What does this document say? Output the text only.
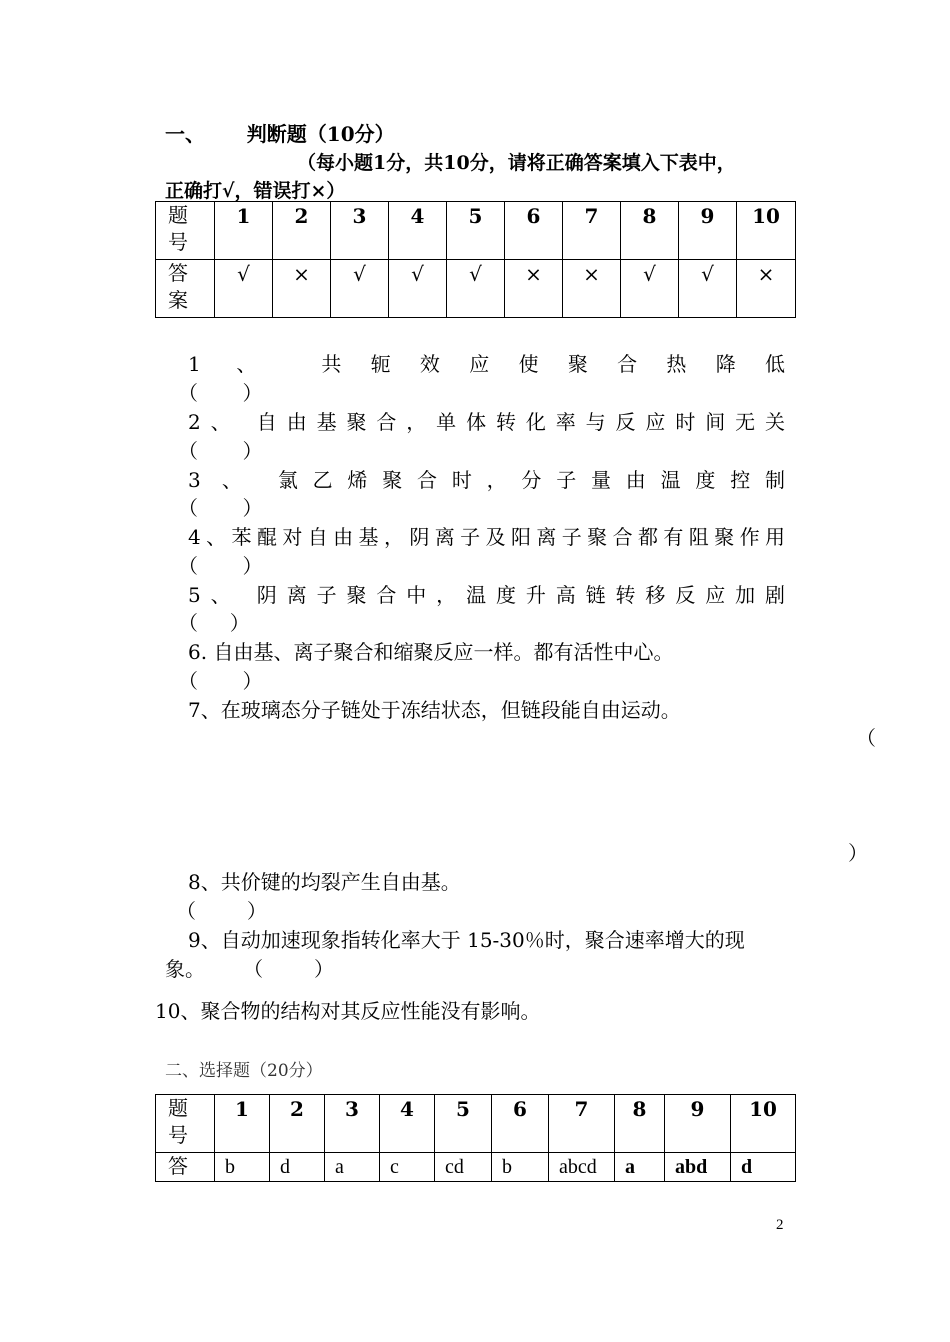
一、      判断题（10分）
（每小题1分，共10分，请将正确答案填入下表中，
正确打√，错误打×）
题
号	1	2	3	4	5	6	7	8	9	10
答
案	√	×	√	√	√	×	×	√	√	×
1 、 共轭效应使聚合热降低
（       ）
2、 自由基聚合，单体转化率与反应时间无关
（       ）
3 、 氯乙烯聚合时，分子量由温度控制
（       ）
4、苯醌对自由基，阴离子及阳离子聚合都有阻聚作用
（       ）
5、 阴离子聚合中，温度升高链转移反应加剧
（     ）
6. 自由基、离子聚合和缩聚反应一样。都有活性中心。
（       ）
7、在玻璃态分子链处于冻结状态，但链段能自由运动。
（
）
8、共价键的均裂产生自由基。
（        ）
9、自动加速现象指转化率大于 15-30％时，聚合速率增大的现
象。 （        ）
10、聚合物的结构对其反应性能没有影响。
二、选择题（20分）
题
号	1	2	3	4	5	6	7	8	9	10
答	b	d	a	c	cd	b	abcd	a	abd	d
2
